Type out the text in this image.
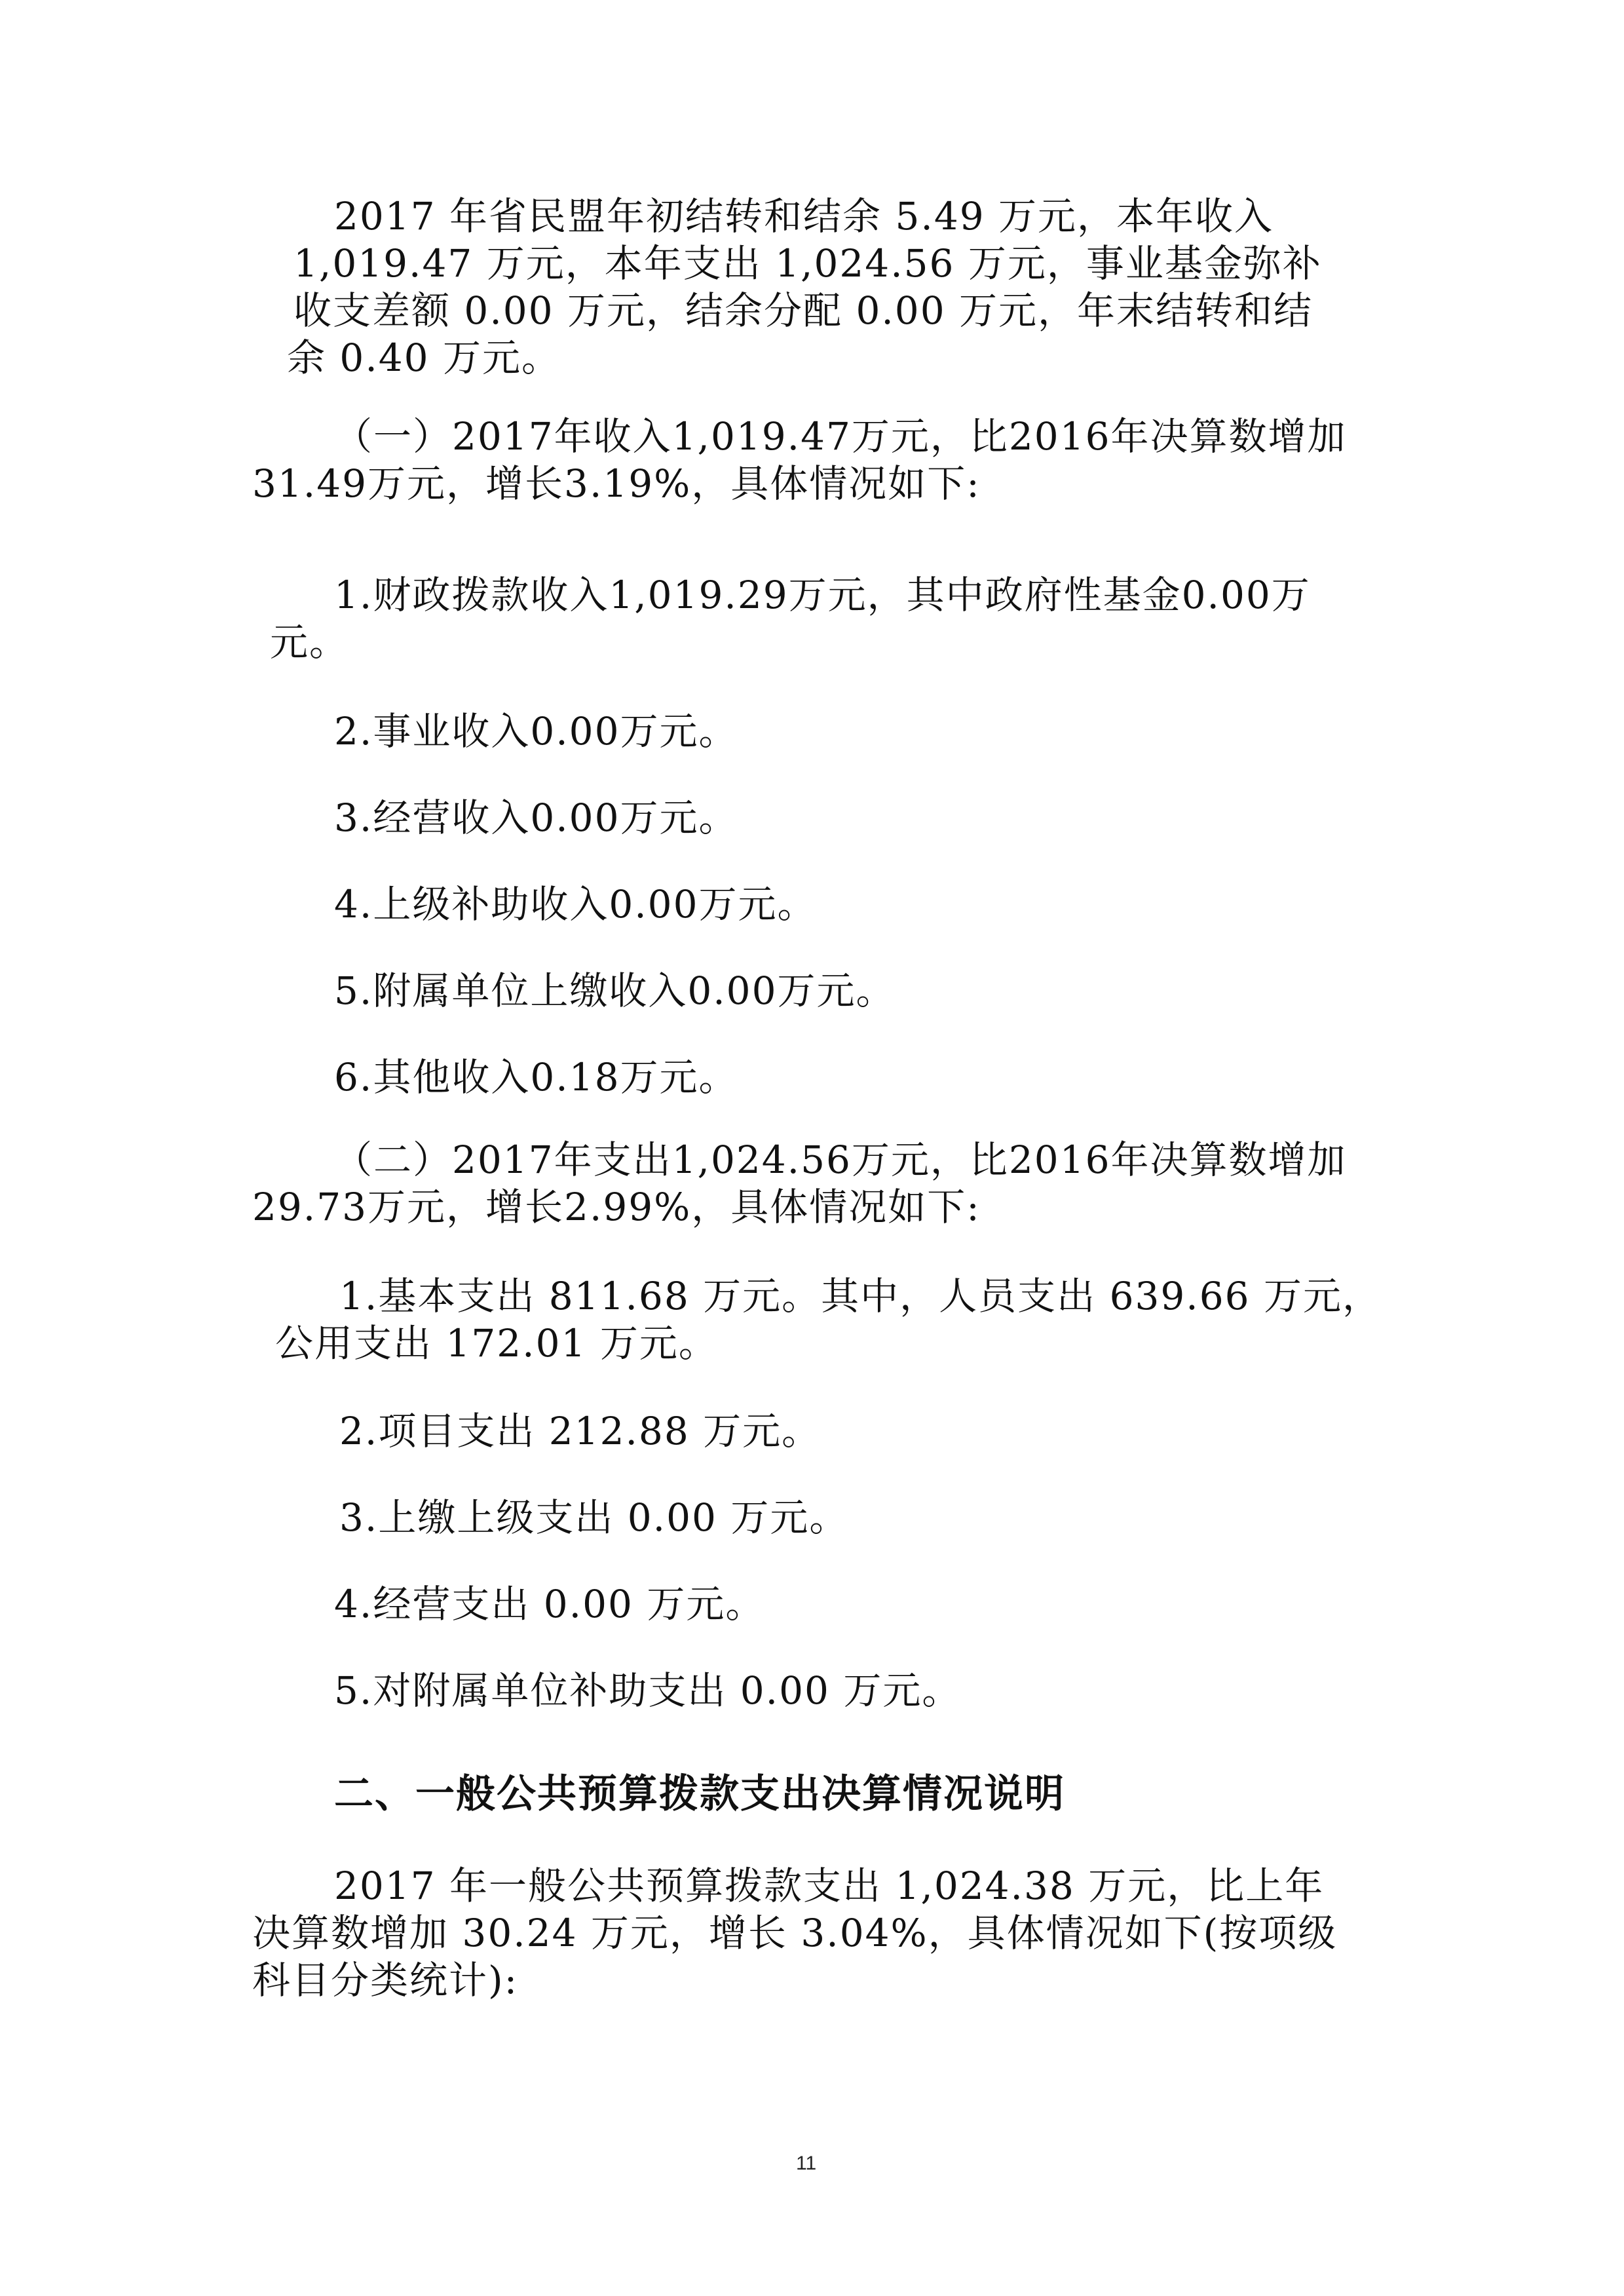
2017 年省民盟年初结转和结余 5.49 万元，本年收入

1,019.47 万元，本年支出 1,024.56 万元，事业基金弥补

收支差额 0.00 万元，结余分配 0.00 万元，年末结转和结

余 0.40 万元。

（一）2017年收入1,019.47万元，比2016年决算数增加

31.49万元，增长3.19%，具体情况如下:

1.财政拨款收入1,019.29万元，其中政府性基金0.00万

元。

2.事业收入0.00万元。

3.经营收入0.00万元。

4.上级补助收入0.00万元。

5.附属单位上缴收入0.00万元。

6.其他收入0.18万元。

（二）2017年支出1,024.56万元，比2016年决算数增加

29.73万元，增长2.99%，具体情况如下:

1.基本支出 811.68 万元。其中，人员支出 639.66 万元，

公用支出 172.01 万元。

2.项目支出 212.88 万元。

3.上缴上级支出 0.00 万元。

4.经营支出 0.00 万元。

5.对附属单位补助支出 0.00 万元。

二、一般公共预算拨款支出决算情况说明

2017 年一般公共预算拨款支出 1,024.38 万元，比上年

决算数增加 30.24 万元，增长 3.04%，具体情况如下(按项级

科目分类统计):

11
